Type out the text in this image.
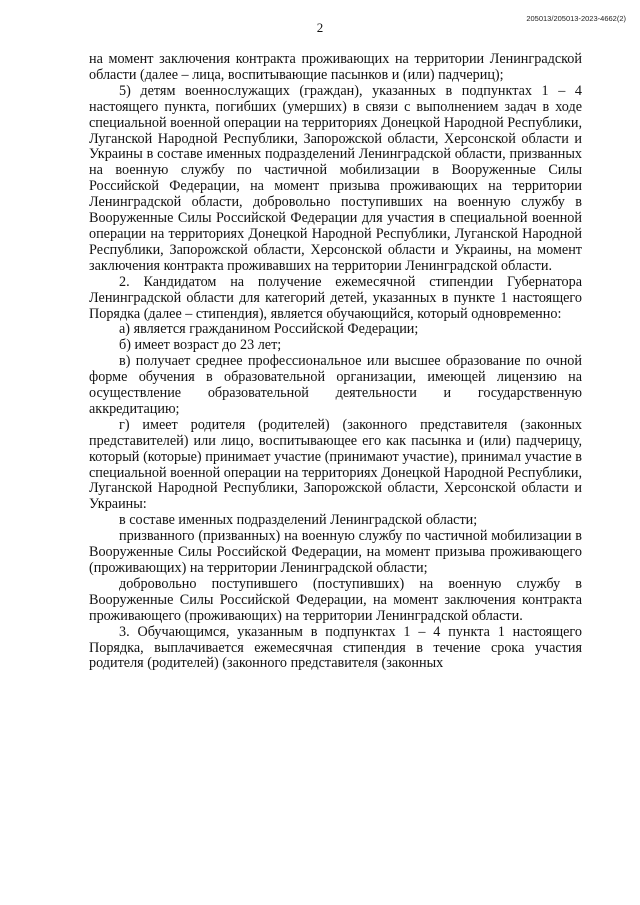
2
205013/205013-2023-4662(2)

на момент заключения контракта проживающих на территории Ленинградской области (далее – лица, воспитывающие пасынков и (или) падчериц);

5) детям военнослужащих (граждан), указанных в подпунктах 1 – 4 настоящего пункта, погибших (умерших) в связи с выполнением задач в ходе специальной военной операции на территориях Донецкой Народной Республики, Луганской Народной Республики, Запорожской области, Херсонской области и Украины в составе именных подразделений Ленинградской области, призванных на военную службу по частичной мобилизации в Вооруженные Силы Российской Федерации, на момент призыва проживающих на территории Ленинградской области, добровольно поступивших на военную службу в Вооруженные Силы Российской Федерации для участия в специальной военной операции на территориях Донецкой Народной Республики, Луганской Народной Республики, Запорожской области, Херсонской области и Украины, на момент заключения контракта проживавших на территории Ленинградской области.

2. Кандидатом на получение ежемесячной стипендии Губернатора Ленинградской области для категорий детей, указанных в пункте 1 настоящего Порядка (далее – стипендия), является обучающийся, который одновременно:

а) является гражданином Российской Федерации;

б) имеет возраст до 23 лет;

в) получает среднее профессиональное или высшее образование по очной форме обучения в образовательной организации, имеющей лицензию на осуществление образовательной деятельности и государственную аккредитацию;

г) имеет родителя (родителей) (законного представителя (законных представителей) или лицо, воспитывающее его как пасынка и (или) падчерицу, который (которые) принимает участие (принимают участие), принимал участие в специальной военной операции на территориях Донецкой Народной Республики, Луганской Народной Республики, Запорожской области, Херсонской области и Украины:

в составе именных подразделений Ленинградской области;

призванного (призванных) на военную службу по частичной мобилизации в Вооруженные Силы Российской Федерации, на момент призыва проживающего (проживающих) на территории Ленинградской области;

добровольно поступившего (поступивших) на военную службу в Вооруженные Силы Российской Федерации, на момент заключения контракта проживающего (проживающих) на территории Ленинградской области.

3. Обучающимся, указанным в подпунктах 1 – 4 пункта 1 настоящего Порядка, выплачивается ежемесячная стипендия в течение срока участия родителя (родителей) (законного представителя (законных
